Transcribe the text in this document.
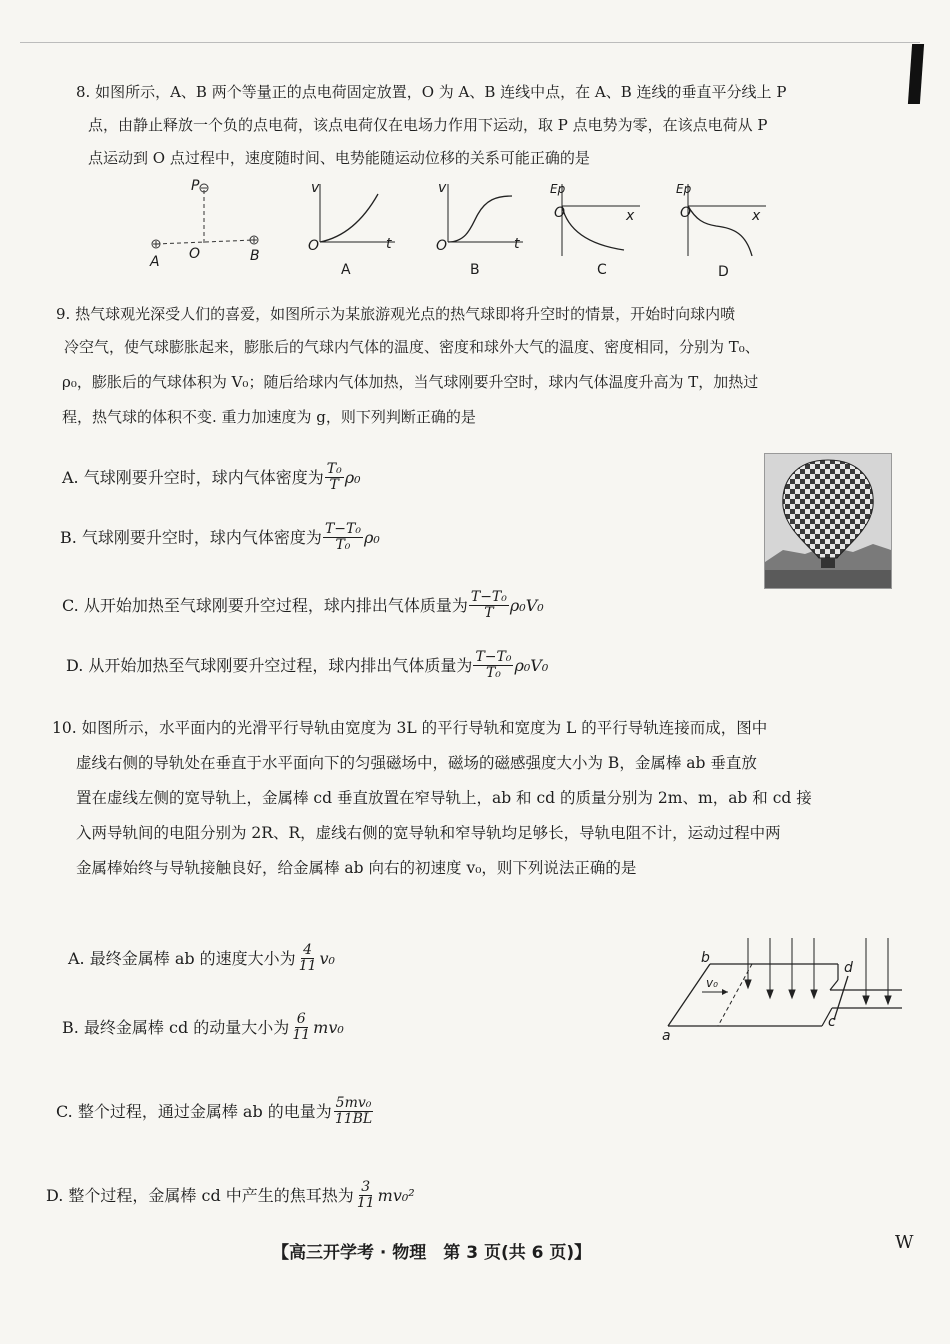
8. 如图所示，A、B 两个等量正的点电荷固定放置，O 为 A、B 连线中点，在 A、B 连线的垂直平分线上 P
点，由静止释放一个负的点电荷，该点电荷仅在电场力作用下运动，取 P 点电势为零，在该点电荷从 P
点运动到 O 点过程中，速度随时间、电势能随运动位移的关系可能正确的是
P
O
A	B
v
t
O
A
v
t
O
B
Ep
x
O
C
Ep
x
O
D
9. 热气球观光深受人们的喜爱，如图所示为某旅游观光点的热气球即将升空时的情景，开始时向球内喷
冷空气，使气球膨胀起来，膨胀后的气球内气体的温度、密度和球外大气的温度、密度相同，分别为 T₀、
ρ₀，膨胀后的气球体积为 V₀；随后给球内气体加热，当气球刚要升空时，球内气体温度升高为 T，加热过
程，热气球的体积不变. 重力加速度为 g，则下列判断正确的是
A. 气球刚要升空时，球内气体密度为 $\frac{\text{T₀}}{T} \rho_0$
B. 气球刚要升空时，球内气体密度为 $\frac{\text{T−T₀}}{\text{T₀}} \rho_0$
C. 从开始加热至气球刚要升空过程，球内排出气体质量为 $\frac{\text{T−T₀}}{T} \rho_0V_0$
D. 从开始加热至气球刚要升空过程，球内排出气体质量为 $\frac{\text{T−T₀}}{\text{T₀}} \rho_0V_0$
10. 如图所示，水平面内的光滑平行导轨由宽度为 3L 的平行导轨和宽度为 L 的平行导轨连接而成，图中
虚线右侧的导轨处在垂直于水平面向下的匀强磁场中，磁场的磁感强度大小为 B，金属棒 ab 垂直放
置在虚线左侧的宽导轨上，金属棒 cd 垂直放置在窄导轨上，ab 和 cd 的质量分别为 2m、m，ab 和 cd 接
入两导轨间的电阻分别为 2R、R，虚线右侧的宽导轨和窄导轨均足够长，导轨电阻不计，运动过程中两
金属棒始终与导轨接触良好，给金属棒 ab 向右的初速度 v₀，则下列说法正确的是
A. 最终金属棒 ab 的速度大小为 $\frac{4}{11} v_0$
B. 最终金属棒 cd 的动量大小为 $\frac{6}{11} mv_0$
C. 整个过程，通过金属棒 ab 的电量为 $\frac{\text{5mv₀}}{11BL}$
D. 整个过程，金属棒 cd 中产生的焦耳热为 $\frac{3}{11} mv_0^2$
b
a
d
c
v₀
【高三开学考 · 物理　第 3 页(共 6 页)】	W
